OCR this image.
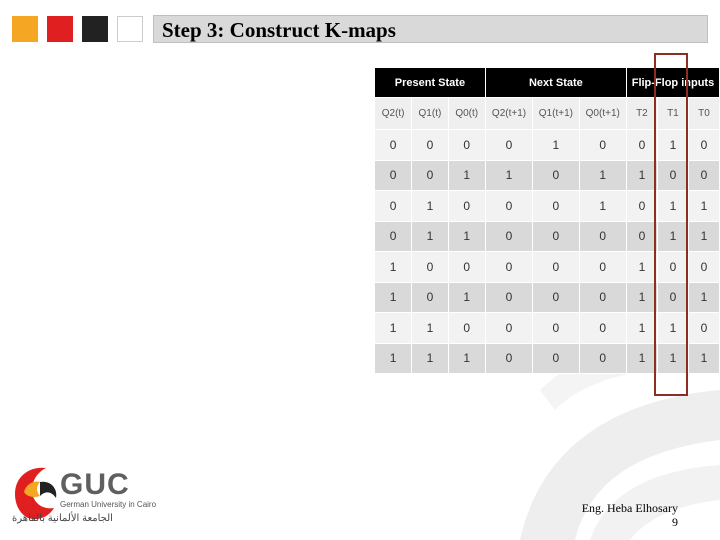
Step 3: Construct K-maps
Present State			Next State			Flip-Flop inputs		
Q2(t)	Q1(t)	Q0(t)	Q2(t+1)	Q1(t+1)	Q0(t+1)	T2	T1	T0
0	0	0	0	1	0	0	1	0
0	0	1	1	0	1	1	0	0
0	1	0	0	0	1	0	1	1
0	1	1	0	0	0	0	1	1
1	0	0	0	0	0	1	0	0
1	0	1	0	0	0	1	0	1
1	1	0	0	0	0	1	1	0
1	1	1	0	0	0	1	1	1
GUC
German University in Cairo
الجامعة الألمانية بالقاهرة
Eng. Heba Elhosary
9
